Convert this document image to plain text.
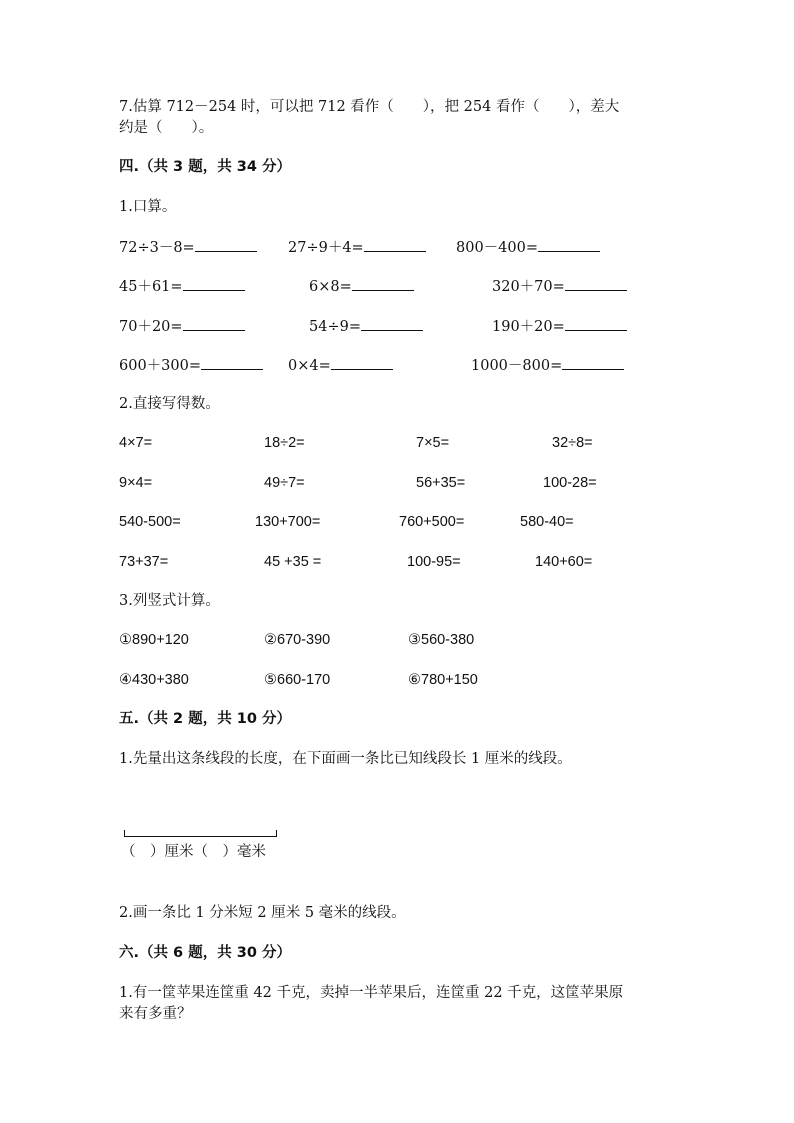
7.估算 712－254 时，可以把 712 看作（　　），把 254 看作（　　），差大
约是（　　）。
四.（共 3 题，共 34 分）
1.口算。
72÷3－8=	27÷9＋4=	800－400=
45＋61=	6×8=	320＋70=
70＋20=	54÷9=	190＋20=
600＋300=	0×4=	1000－800=
2.直接写得数。
4×7=	18÷2=	7×5=	32÷8=
9×4=	49÷7=	56+35=	100-28=
540-500=	130+700=	760+500=	580-40=
73+37=	45 +35 =	100-95=	140+60=
3.列竖式计算。
①890+120	②670-390	③560-380
④430+380	⑤660-170	⑥780+150
五.（共 2 题，共 10 分）
1.先量出这条线段的长度，在下面画一条比已知线段长 1 厘米的线段。
（　）厘米（　）毫米
2.画一条比 1 分米短 2 厘米 5 毫米的线段。
六.（共 6 题，共 30 分）
1.有一筐苹果连筐重 42 千克，卖掉一半苹果后，连筐重 22 千克，这筐苹果原
来有多重？
